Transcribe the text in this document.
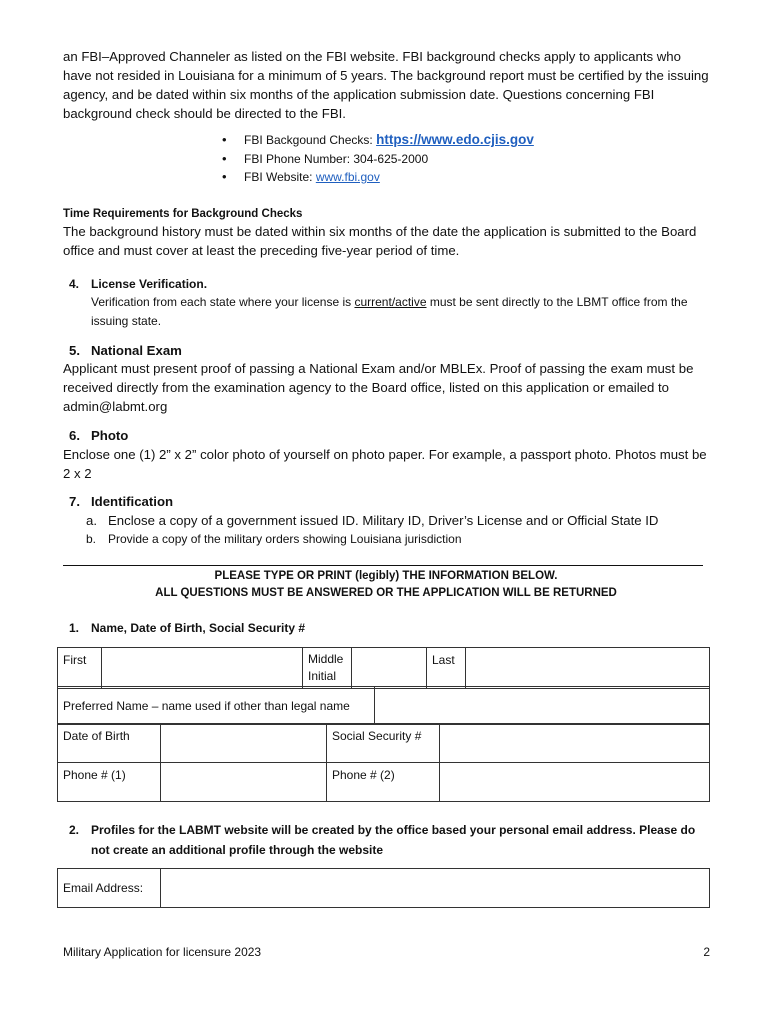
an FBI–Approved Channeler as listed on the FBI website. FBI background checks apply to applicants who have not resided in Louisiana for a minimum of 5 years. The background report must be certified by the issuing agency, and be dated within six months of the application submission date. Questions concerning FBI background check should be directed to the FBI.
• FBI Backgound Checks: https://www.edo.cjis.gov
• FBI Phone Number: 304-625-2000
• FBI Website: www.fbi.gov
Time Requirements for Background Checks
The background history must be dated within six months of the date the application is submitted to the Board office and must cover at least the preceding five-year period of time.
4. License Verification.
Verification from each state where your license is current/active must be sent directly to the LBMT office from the issuing state.
5. National Exam
Applicant must present proof of passing a National Exam and/or MBLEx. Proof of passing the exam must be received directly from the examination agency to the Board office, listed on this application or emailed to admin@labmt.org
6. Photo
Enclose one (1) 2” x 2” color photo of yourself on photo paper. For example, a passport photo. Photos must be 2 x 2
7. Identification
a. Enclose a copy of a government issued ID. Military ID, Driver’s License and or Official State ID
b. Provide a copy of the military orders showing Louisiana jurisdiction
PLEASE TYPE OR PRINT (legibly) THE INFORMATION BELOW.
ALL QUESTIONS MUST BE ANSWERED OR THE APPLICATION WILL BE RETURNED
1. Name, Date of Birth, Social Security #
First		Middle Initial		Last	
Preferred Name – name used if other than legal name	
Date of Birth		Social Security #	
Phone # (1)		Phone # (2)	
2. Profiles for the LABMT website will be created by the office based your personal email address. Please do not create an additional profile through the website
Email Address:	
Military Application for licensure 2023	2
